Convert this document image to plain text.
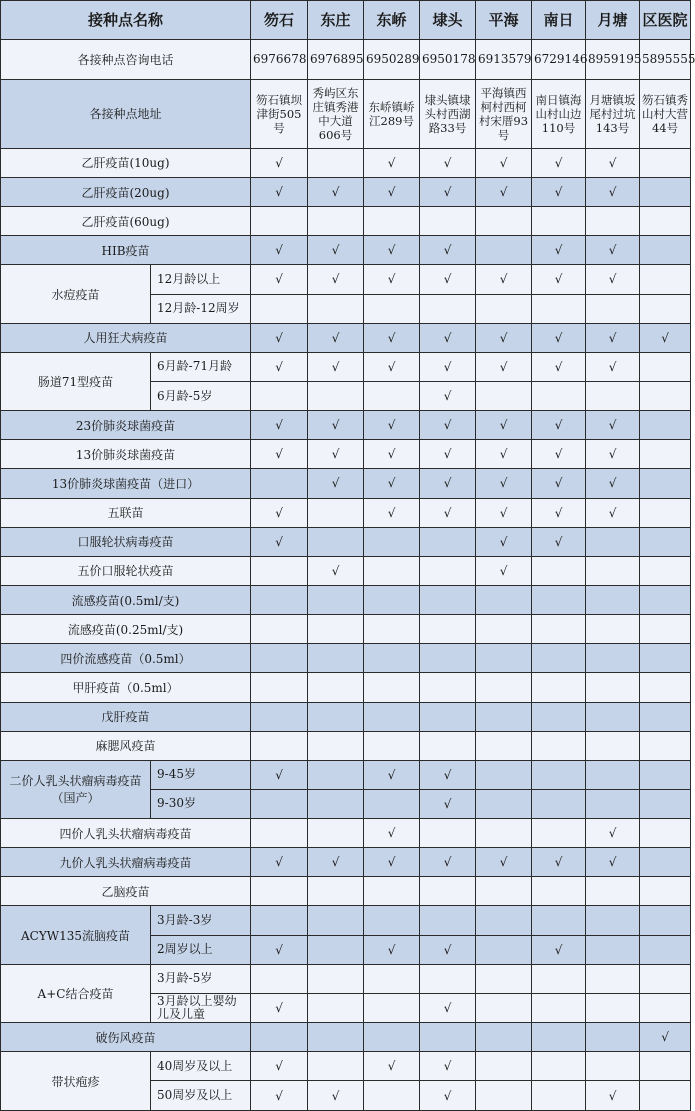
接种点名称		笏石	东庄	东峤	埭头	平海	南日	月塘	区医院
各接种点咨询电话		6976678	6976895	6950289	6950178	6913579	6729146	8959195	5895555
各接种点地址		笏石镇坝津街505号	秀屿区东庄镇秀港中大道606号	东峤镇峤江289号	埭头镇埭头村西湖路33号	平海镇西柯村西柯村宋厝93号	南日镇海山村山边110号	月塘镇坂尾村过坑143号	笏石镇秀山村大营44号
乙肝疫苗(10ug)		√		√	√	√	√	√	
乙肝疫苗(20ug)		√	√	√	√	√	√	√	
乙肝疫苗(60ug)									
HIB疫苗		√	√	√	√		√	√	
水痘疫苗	12月龄以上	√	√	√	√	√	√	√	
	12月龄-12周岁								
人用狂犬病疫苗		√	√	√	√	√	√	√	√
肠道71型疫苗	6月龄-71月龄	√	√	√	√	√	√	√	
	6月龄-5岁				√				
23价肺炎球菌疫苗		√	√	√	√	√	√	√	
13价肺炎球菌疫苗		√	√	√	√	√	√	√	
13价肺炎球菌疫苗（进口）			√	√	√	√	√	√	
五联苗		√		√	√	√	√	√	
口服轮状病毒疫苗		√				√	√		
五价口服轮状疫苗			√			√			
流感疫苗(0.5ml/支)									
流感疫苗(0.25ml/支)									
四价流感疫苗（0.5ml）									
甲肝疫苗（0.5ml）									
戊肝疫苗									
麻腮风疫苗									
二价人乳头状瘤病毒疫苗（国产）	9-45岁	√		√	√				
	9-30岁				√				
四价人乳头状瘤病毒疫苗				√				√	
九价人乳头状瘤病毒疫苗		√	√	√	√	√	√	√	
乙脑疫苗									
ACYW135流脑疫苗	3月龄-3岁								
	2周岁以上	√		√	√		√		
A+C结合疫苗	3月龄-5岁								
	3月龄以上婴幼儿及儿童	√			√				
破伤风疫苗									√
带状疱疹	40周岁及以上	√		√	√				
	50周岁及以上	√	√		√			√	
